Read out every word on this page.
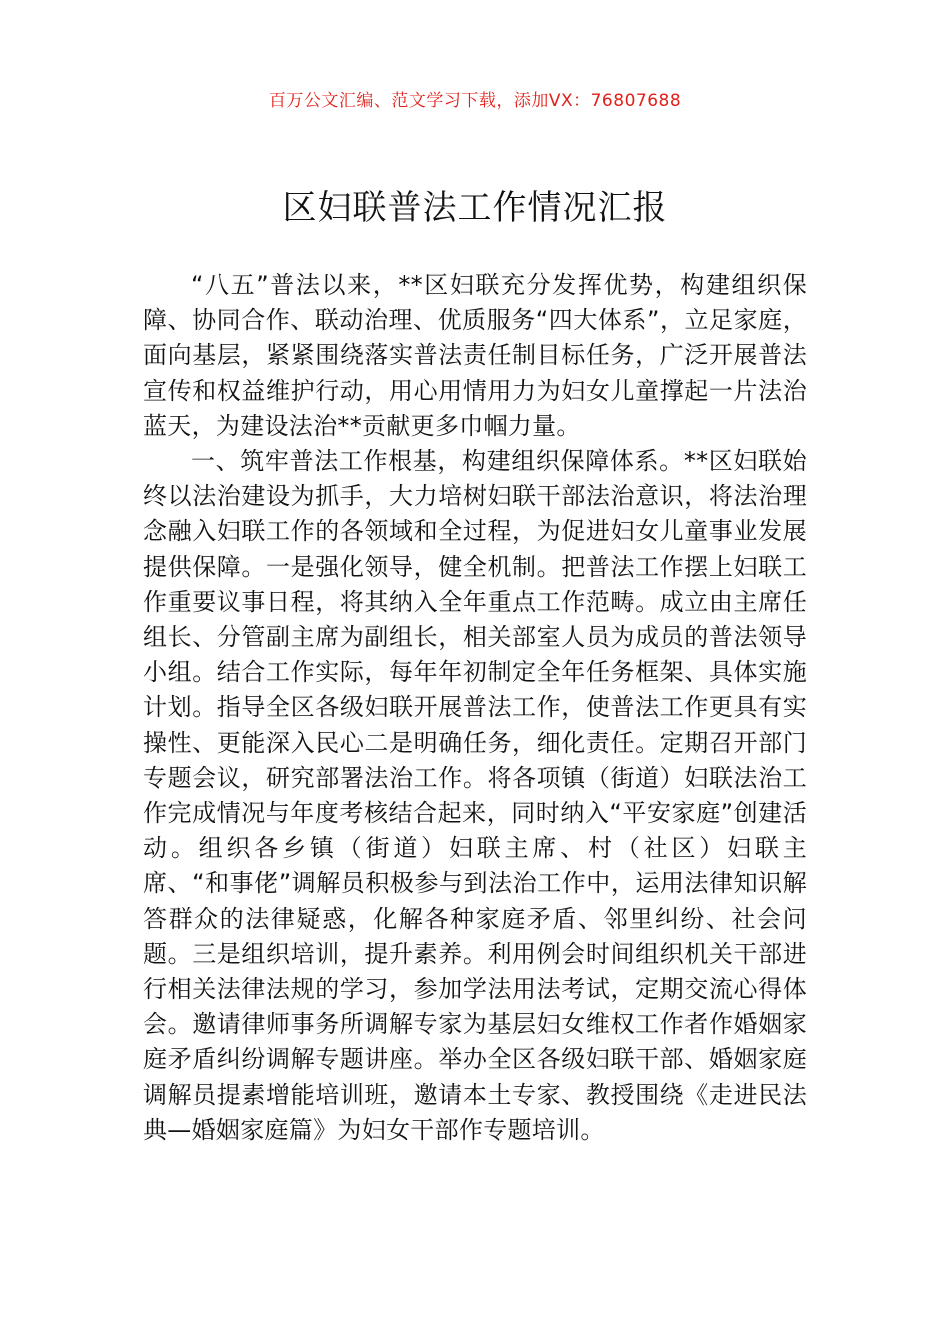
百万公文汇编、范文学习下载，添加VX：76807688
区妇联普法工作情况汇报

“八五”普法以来，**区妇联充分发挥优势，构建组织保障、协同合作、联动治理、优质服务“四大体系”，立足家庭，面向基层，紧紧围绕落实普法责任制目标任务，广泛开展普法宣传和权益维护行动，用心用情用力为妇女儿童撑起一片法治蓝天，为建设法治**贡献更多巾帼力量。

一、筑牢普法工作根基，构建组织保障体系。**区妇联始终以法治建设为抓手，大力培树妇联干部法治意识，将法治理念融入妇联工作的各领域和全过程，为促进妇女儿童事业发展提供保障。一是强化领导，健全机制。把普法工作摆上妇联工作重要议事日程，将其纳入全年重点工作范畴。成立由主席任组长、分管副主席为副组长，相关部室人员为成员的普法领导小组。结合工作实际，每年年初制定全年任务框架、具体实施计划。指导全区各级妇联开展普法工作，使普法工作更具有实操性、更能深入民心二是明确任务，细化责任。定期召开部门专题会议，研究部署法治工作。将各项镇（街道）妇联法治工作完成情况与年度考核结合起来，同时纳入“平安家庭”创建活动。组织各乡镇（街道）妇联主席、村（社区）妇联主席、“和事佬”调解员积极参与到法治工作中，运用法律知识解答群众的法律疑惑，化解各种家庭矛盾、邻里纠纷、社会问题。三是组织培训，提升素养。利用例会时间组织机关干部进行相关法律法规的学习，参加学法用法考试，定期交流心得体会。邀请律师事务所调解专家为基层妇女维权工作者作婚姻家庭矛盾纠纷调解专题讲座。举办全区各级妇联干部、婚姻家庭调解员提素增能培训班，邀请本土专家、教授围绕《走进民法典—婚姻家庭篇》为妇女干部作专题培训。
